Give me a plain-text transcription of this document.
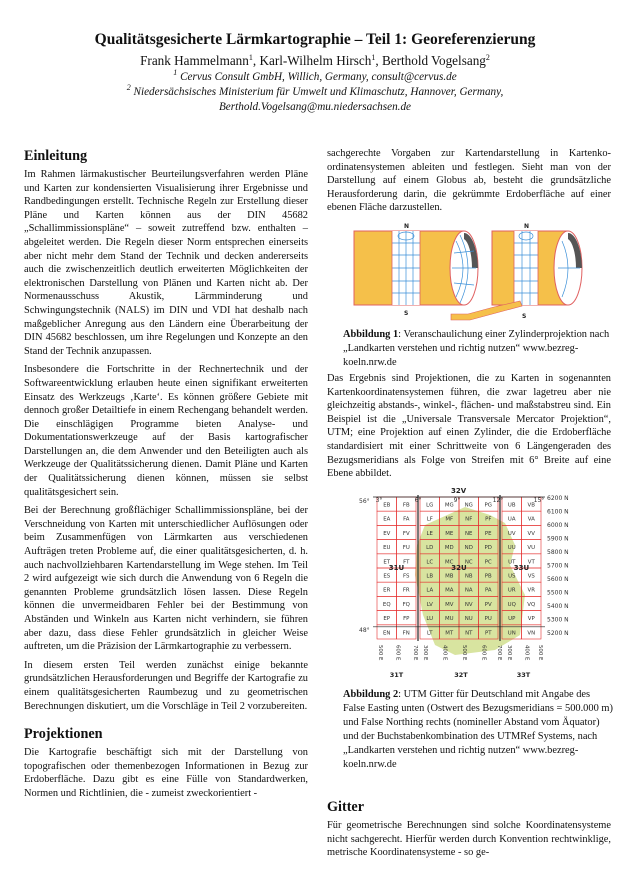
Qualitätsgesicherte Lärmkartographie – Teil 1: Georeferenzierung
Frank Hammelmann$^1$, Karl-Wilhelm Hirsch$^1$, Berthold Vogelsang$^2$
$^1$ Cervus Consult GmbH, Willich, Germany, consult@cervus.de
$^2$ Niedersächsisches Ministerium für Umwelt und Klimaschutz, Hannover, Germany,
Berthold.Vogelsang@mu.niedersachsen.de
Einleitung

Im Rahmen lärmakustischer Beurteilungsverfahren werden Pläne und Karten zur kondensierten Visualisierung ihrer Ergebnisse und Randbedingungen erstellt. Technische Regeln zur Erstellung dieser Pläne und Karten können aus der DIN 45682 „Schallimmissionspläne“ – soweit zutreffend bzw. enthalten – abgeleitet werden. Die Regeln dieser Norm entsprechen einerseits aber nicht mehr dem Stand der Technik und decken andererseits auch die zwischenzeitlich deutlich erweiterten Möglichkeiten der elektronischen Darstellung von Plänen und Karten nicht ab. Der Normenausschuss Akustik, Lärmminderung und Schwingungstechnik (NALS) im DIN und VDI hat deshalb nach maßgeblicher Anregung aus den Ländern eine Überarbeitung der DIN 45682 beschlossen, um ihre Regelungen und Konzepte an den Stand der Technik anzupassen.

Insbesondere die Fortschritte in der Rechnertechnik und der Softwareentwicklung erlauben heute einen signifikant erweiterten Einsatz des Werkzeugs ‚Karte‘. Es können größere Gebiete mit dennoch großer Detailtiefe in einem Rechengang behandelt werden. Die einschlägigen Programme bieten Analyse- und Dokumentationswerkzeuge auf der Basis kartografischer Darstellungen an, die dem Anwender und den Beteiligten auch als Werkzeuge der Qualitätssicherung dienen. Damit Pläne und Karten der Qualitätssicherung dienen können, müssen sie selbst qualitätsgesichert sein.

Bei der Berechnung großflächiger Schallimmissionspläne, bei der Verschneidung von Karten mit unterschiedlicher Auflösungen oder beim Zusammenfügen von Lärmkarten aus verschiedenen Aufträgen treten Probleme auf, die einer qualitätsgesicherten, d. h. auch nachvollziehbaren Kartendarstellung im Wege stehen. Im Teil 2 wird aufgezeigt wie sich durch die Anwendung von 6 Regeln die genannten Probleme grundsätzlich lösen lassen. Diese Regeln können die unvermeidbaren Fehler bei der Bestimmung von Abständen und Winkeln aus Karten nicht verhindern, sie führen aber dazu, dass diese Fehler grundsätzlich in gleicher Weise auftreten, um die Präzision der Lärmkartographie zu verbessern.

In diesem ersten Teil werden zunächst einige bekannte grundsätzlichen Herausforderungen und Begriffe der Kartografie zu einem qualitätsgesicherten Raumbezug und zu geometrischen Berechnungen diskutiert, um die Vorschläge in Teil 2 vorzubereiten.

Projektionen

Die Kartografie beschäftigt sich mit der Darstellung von topografischen oder themenbezogen Informationen in Bezug zur Erdoberfläche. Dazu gibt es eine Fülle von Standardwerken, Normen und Richtlinien, die - zumeist zweckorientiert -

sachgerechte Vorgaben zur Kartendarstellung in Kartenkoordinatensystemen ableiten und festlegen. Sieht man von der Darstellung auf einem Globus ab, besteht die grundsätzliche Herausforderung darin, die gekrümmte Erdoberfläche auf einer ebenen Fläche darzustellen.

N
S
N
S
Abbildung 1: Veranschaulichung einer Zylinderprojektion nach „Landkarten verstehen und richtig nutzen“ www.bezreg-koeln.nrw.de
Das Ergebnis sind Projektionen, die zu Karten in sogenannten Kartenkoordinatensystemen führen, die zwar lagetreu aber nie gleichzeitig abstands-, winkel-, flächen- und maßstabstreu sind. Ein Beispiel ist die „Universale Transversale Mercator Projektion“, UTM; eine Projektion auf einen Zylinder, die die Erdoberfläche standardisiert mit einer Schrittweite von 6 Längengeraden des Bezugsmeridians als Folge von Streifen mit 6° Breite auf eine Ebene abbildet.
EB FB	LG MG NG PG	UB VB
EA FA	LF MF NF PF	UA VA
EV FV	LE ME NE PE	UV VV
EU FU	LD MD ND PD	UU VU
ET FT	LC MC NC PC	UT VT
ES FS	LB MB NB PB	US VS
ER FR	LA MA NA PA	UR VR
EQ FQ	LV MV NV PV	UQ VQ
EP FP	LU MU NU PU	UP VP
EN FN	LT MT NT PT	UN VN
32V
56°
48°
3°	6°	9°	12°	15° 6200 N
6100 N
6000 N
5900 N
5800 N
5700 N
5600 N
5500 N
5400 N
5300 N
5200 N
500 E 600 E 700 E 300 E	400 E	500 E	600 E 700 E 300 E 400 E 500 E
31U	32U	33U
31T	32T	33T
Abbildung 2: UTM Gitter für Deutschland mit Angabe des False Easting unten (Ostwert des Bezugsmeridians = 500.000 m) und False Northing rechts (nomineller Abstand vom Äquator) und der Buchstabenkombination des UTMRef Systems, nach „Landkarten verstehen und richtig nutzen“ www.bezreg-koeln.nrw.de
Gitter

Für geometrische Berechnungen sind solche Koordinatensysteme nicht sachgerecht. Hierfür werden durch Konvention rechtwinklige, metrische Koordinatensysteme - so ge-
